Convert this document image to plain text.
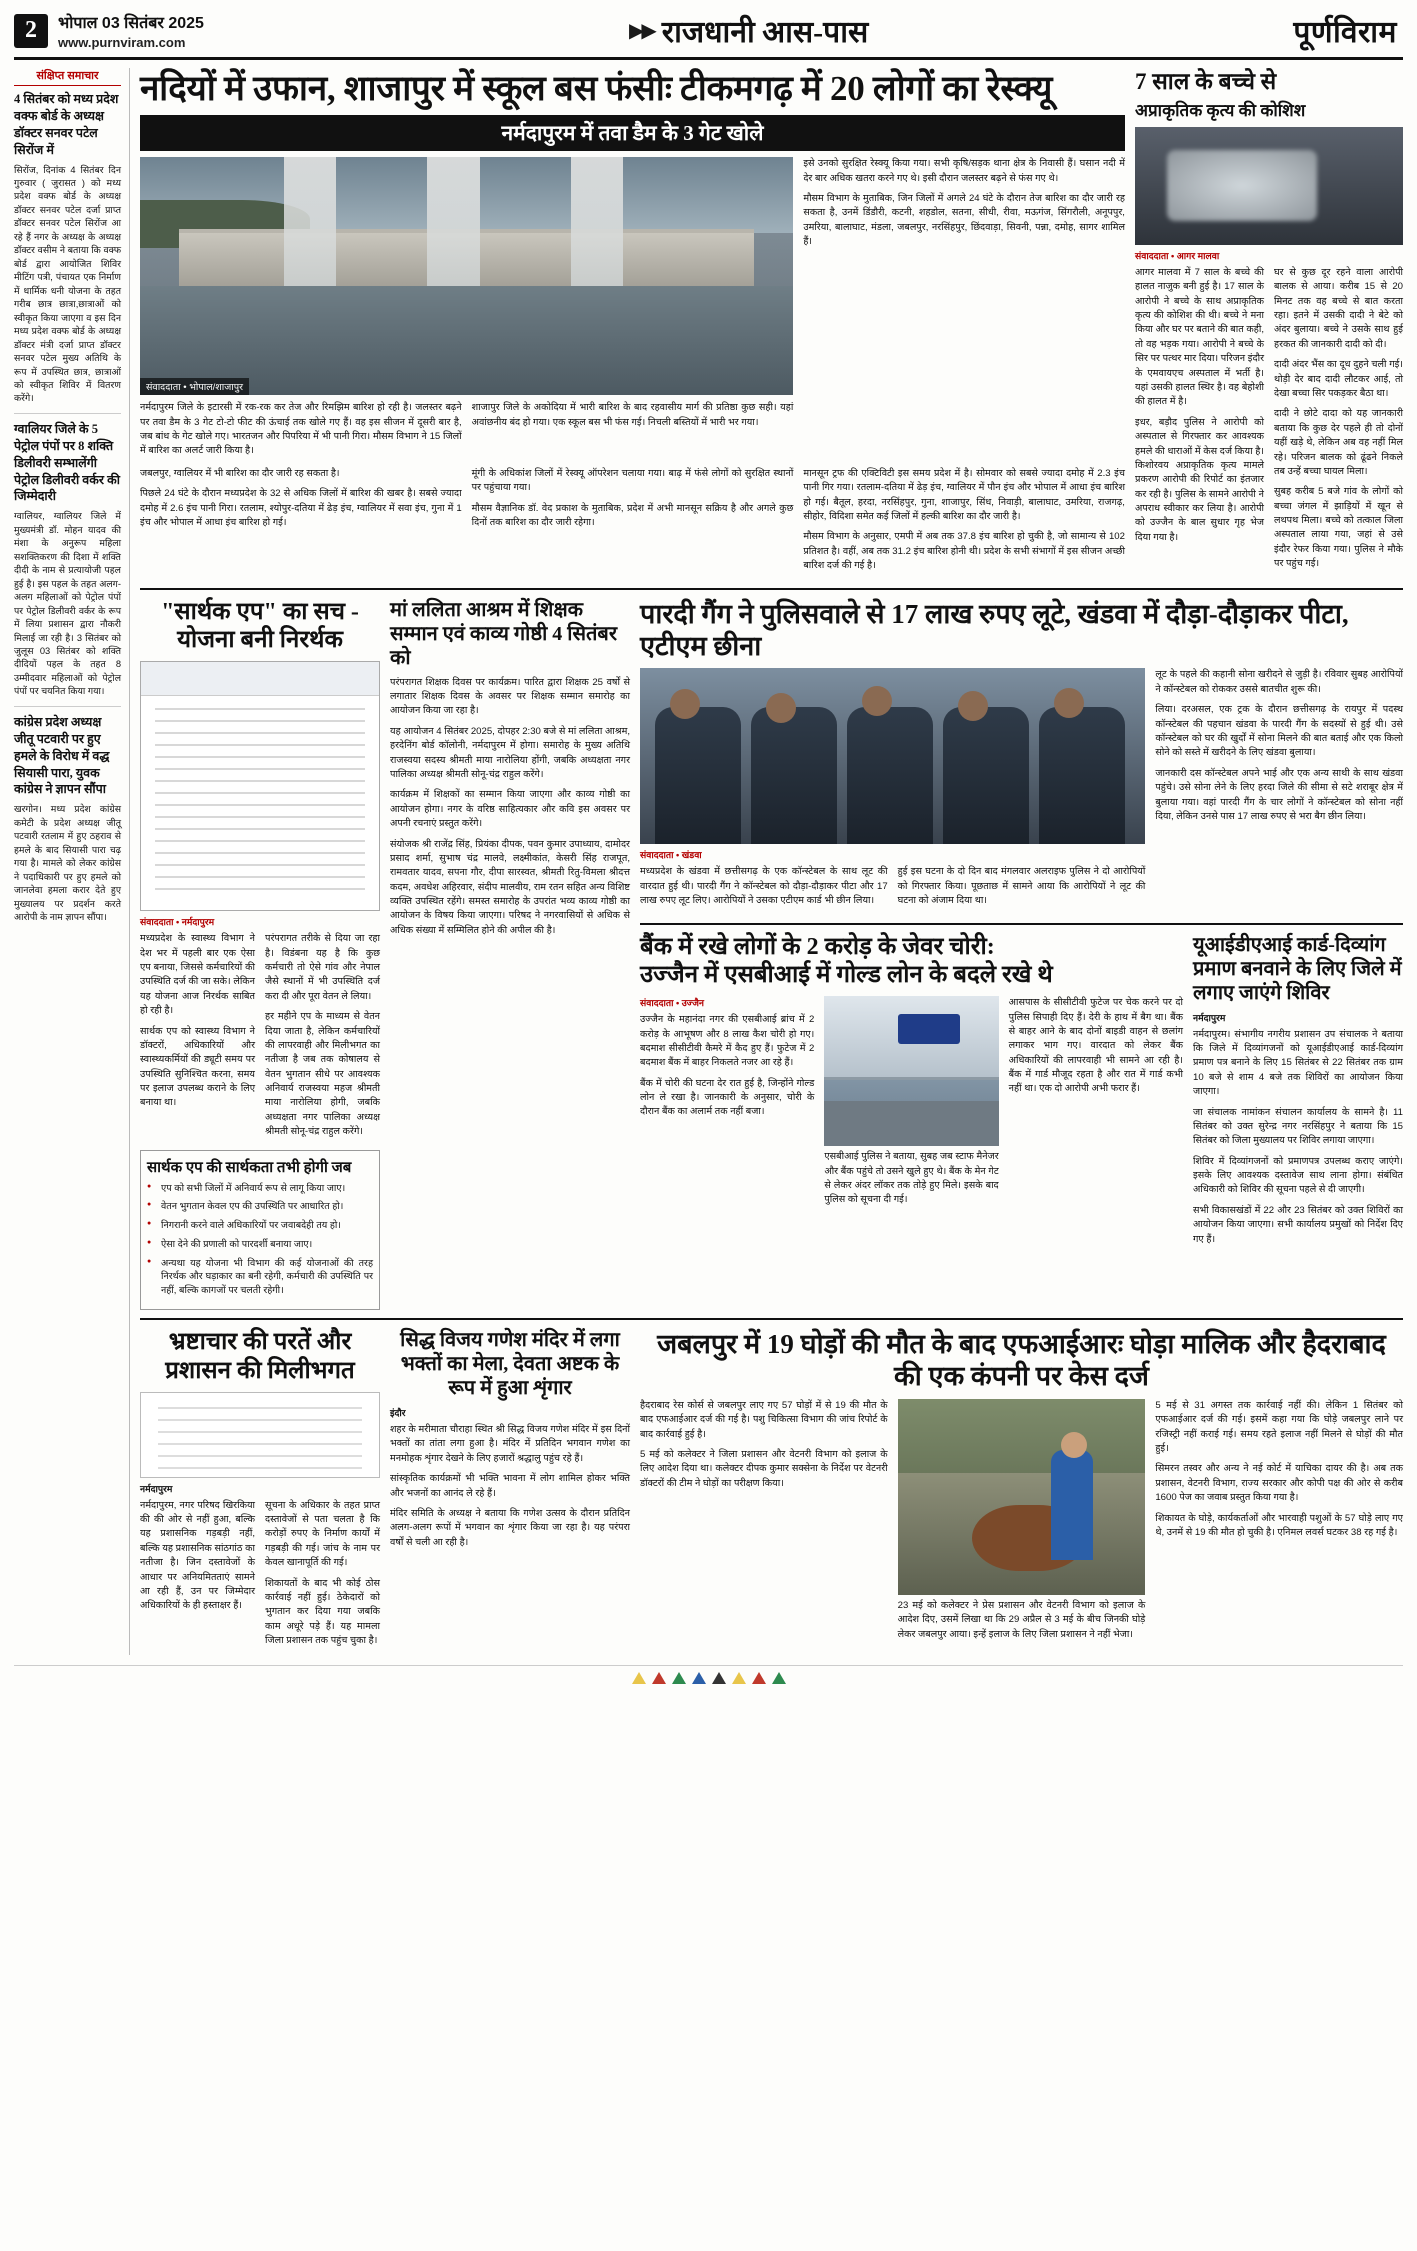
2	भोपाल 03 सितंबर 2025
www.purnviram.com
▶▶ राजधानी आस-पास	पूर्णविराम
संक्षिप्त समाचार
4 सितंबर को मध्य प्रदेश वक्फ बोर्ड के अध्यक्ष डॉक्टर सनवर पटेल सिरोंज में

सिरोंज, दिनांक 4 सितंबर दिन गुरुवार ( जुरासत ) को मध्य प्रदेश वक्फ बोर्ड के अध्यक्ष डॉक्टर सनवर पटेल दर्जा प्राप्त डॉक्टर सनवर पटेल सिरोंज आ रहे हैं नगर के अध्यक्ष के अध्यक्ष डॉक्टर वसीम ने बताया कि वक्फ बोर्ड द्वारा आयोजित शिविर मीटिंग पत्री, पंचायत एक निर्माण में धार्मिक धनी योजना के तहत गरीब छात्र छात्रा,छात्राओं को स्वीकृत किया जाएगा व इस दिन मध्य प्रदेश वक्फ बोर्ड के अध्यक्ष डॉक्टर मंत्री दर्जा प्राप्त डॉक्टर सनवर पटेल मुख्य अतिथि के रूप में उपस्थित छात्र, छात्राओं को स्वीकृत शिविर में वितरण करेंगे।

ग्वालियर जिले के 5 पेट्रोल पंपों पर 8 शक्ति डिलीवरी सम्भालेंगी पेट्रोल डिलीवरी वर्कर की जिम्मेदारी

ग्वालियर, ग्वालियर जिले में मुख्यमंत्री डॉ. मोहन यादव की मंशा के अनुरूप महिला सशक्तिकरण की दिशा में शक्ति दीदी के नाम से प्रत्यायोजी पहल हुई है। इस पहल के तहत अलग-अलग महिलाओं को पेट्रोल पंपों पर पेट्रोल डिलीवरी वर्कर के रूप में लिया प्रशासन द्वारा नौकरी मिलाई जा रही है। 3 सितंबर को जुलूस 03 सितंबर को शक्ति दीदियों पहल के तहत 8 उम्मीदवार महिलाओं को पेट्रोल पंपों पर चयनित किया गया।

कांग्रेस प्रदेश अध्यक्ष जीतू पटवारी पर हुए हमले के विरोध में वद्ध सियासी पारा, युवक कांग्रेस ने ज्ञापन सौंपा

खरगोन। मध्य प्रदेश कांग्रेस कमेटी के प्रदेश अध्यक्ष जीतू पटवारी रतलाम में हुए ठहराव से हमले के बाद सियासी पारा चढ़ गया है। मामले को लेकर कांग्रेस ने पदाधिकारी पर हुए हमले को जानलेवा हमला करार देते हुए मुख्यालय पर प्रदर्शन करते आरोपी के नाम ज्ञापन सौंपा।

नदियों में उफान, शाजापुर में स्कूल बस फंसीः टीकमगढ़ में 20 लोगों का रेस्क्यू
नर्मदापुरम में तवा डैम के 3 गेट खोले
संवाददाता • भोपाल/शाजापुर

नर्मदापुरम जिले के इटारसी में रक-रक कर तेज और रिमझिम बारिश हो रही है। जलस्तर बढ़ने पर तवा डैम के 3 गेट टो-टो फीट की ऊंचाई तक खोले गए हैं। वह इस सीजन में दूसरी बार है, जब बांध के गेट खोले गए। भारतजन और पिपरिया में भी पानी गिरा। मौसम विभाग ने 15 जिलों में बारिश का अलर्ट जारी किया है।

शाजापुर जिले के अकोदिया में भारी बारिश के बाद रहवासीय मार्ग की प्रतिष्ठा कुछ सही। यहां अवांछनीय बंद हो गया। एक स्कूल बस भी फंस गई। निचली बस्तियों में भारी भर गया।

इसे उनको सुरक्षित रेस्क्यू किया गया। सभी कृषि/सड़क थाना क्षेत्र के निवासी हैं। घसान नदी में देर बार अधिक खतरा करने गए थे। इसी दौरान जलस्तर बढ़ने से फंस गए थे।

मौसम विभाग के मुताबिक, जिन जिलों में अगले 24 घंटे के दौरान तेज बारिश का दौर जारी रह सकता है, उनमें डिंडौरी, कटनी, शहडोल, सतना, सीधी, रीवा, मऊगंज, सिंगरौली, अनूपपुर, उमरिया, बालाघाट, मंडला, जबलपुर, नरसिंहपुर, छिंदवाड़ा, सिवनी, पन्ना, दमोह, सागर शामिल हैं।

जबलपुर, ग्वालियर में भी बारिश का दौर जारी रह सकता है।

पिछले 24 घंटे के दौरान मध्यप्रदेश के 32 से अधिक जिलों में बारिश की खबर है। सबसे ज्यादा दमोह में 2.6 इंच पानी गिरा। रतलाम, श्योपुर-दतिया में ढेड़ इंच, ग्वालियर में सवा इंच, गुना में 1 इंच और भोपाल में आधा इंच बारिश हो गई।

मूंगी के अधिकांश जिलों में रेस्क्यू ऑपरेशन चलाया गया। बाढ़ में फंसे लोगों को सुरक्षित स्थानों पर पहुंचाया गया।

मौसम वैज्ञानिक डॉ. वेद प्रकाश के मुताबिक, प्रदेश में अभी मानसून सक्रिय है और अगले कुछ दिनों तक बारिश का दौर जारी रहेगा।

मानसून ट्रफ की एक्टिविटी इस समय प्रदेश में है। सोमवार को सबसे ज्यादा दमोह में 2.3 इंच पानी गिर गया। रतलाम-दतिया में ढेड़ इंच, ग्वालियर में पौन इंच और भोपाल में आधा इंच बारिश हो गई। बैतूल, हरदा, नरसिंहपुर, गुना, शाजापुर, सिंध, निवाड़ी, बालाघाट, उमरिया, राजगढ़, सीहोर, विदिशा समेत कई जिलों में हल्की बारिश का दौर जारी है।

मौसम विभाग के अनुसार, एमपी में अब तक 37.8 इंच बारिश हो चुकी है, जो सामान्य से 102 प्रतिशत है। वहीं, अब तक 31.2 इंच बारिश होनी थी। प्रदेश के सभी संभागों में इस सीजन अच्छी बारिश दर्ज की गई है।

7 साल के बच्चे से
अप्राकृतिक कृत्य की कोशिश
संवाददाता • आगर मालवा

आगर मालवा में 7 साल के बच्चे की हालत नाजुक बनी हुई है। 17 साल के आरोपी ने बच्चे के साथ अप्राकृतिक कृत्य की कोशिश की थी। बच्चे ने मना किया और घर पर बताने की बात कही, तो वह भड़क गया। आरोपी ने बच्चे के सिर पर पत्थर मार दिया। परिजन इंदौर के एमवायएच अस्पताल में भर्ती है। यहां उसकी हालत स्थिर है। वह बेहोशी की हालत में है।

इधर, बड़ौद पुलिस ने आरोपी को अस्पताल से गिरफ्तार कर आवश्यक हमले की धाराओं में केस दर्ज किया है। किशोरवय अप्राकृतिक कृत्य मामले प्रकरण आरोपी की रिपोर्ट का इंतजार कर रही है। पुलिस के सामने आरोपी ने अपराध स्वीकार कर लिया है। आरोपी को उज्जैन के बाल सुधार गृह भेज दिया गया है।

घर से कुछ दूर रहने वाला आरोपी बालक से आया। करीब 15 से 20 मिनट तक वह बच्चे से बात करता रहा। इतने में उसकी दादी ने बेटे को अंदर बुलाया। बच्चे ने उसके साथ हुई हरकत की जानकारी दादी को दी।

दादी अंदर भैंस का दूध दुहने चली गई। थोड़ी देर बाद दादी लौटकर आई, तो देखा बच्चा सिर पकड़कर बैठा था।

दादी ने छोटे दादा को यह जानकारी बताया कि कुछ देर पहले ही तो दोनों यहीं खड़े थे, लेकिन अब वह नहीं मिल रहे। परिजन बालक को ढूंढने निकले तब उन्हें बच्चा घायल मिला।

सुबह करीब 5 बजे गांव के लोगों को बच्चा जंगल में झाड़ियों में खून से लथपथ मिला। बच्चे को तत्काल जिला अस्पताल लाया गया, जहां से उसे इंदौर रेफर किया गया। पुलिस ने मौके पर पहुंच गई।

"सार्थक एप" का सच -
योजना बनी निरर्थक
संवाददाता • नर्मदापुरम

मध्यप्रदेश के स्वास्थ्य विभाग ने देश भर में पहली बार एक ऐसा एप बनाया, जिससे कर्मचारियों की उपस्थिति दर्ज की जा सके। लेकिन यह योजना आज निरर्थक साबित हो रही है।

सार्थक एप को स्वास्थ्य विभाग ने डॉक्टरों, अधिकारियों और स्वास्थ्यकर्मियों की ड्यूटी समय पर उपस्थिति सुनिश्चित करना, समय पर इलाज उपलब्ध कराने के लिए बनाया था।

परंपरागत तरीके से दिया जा रहा है। विडंबना यह है कि कुछ कर्मचारी तो ऐसे गांव और नेपाल जैसे स्थानों में भी उपस्थिति दर्ज करा दी और पूरा वेतन ले लिया।

हर महीने एप के माध्यम से वेतन दिया जाता है, लेकिन कर्मचारियों की लापरवाही और मिलीभगत का नतीजा है जब तक कोषालय से वेतन भुगतान सीधे पर आवश्यक अनिवार्य राजस्वया महज श्रीमती माया नारोलिया होगी, जबकि अध्यक्षता नगर पालिका अध्यक्ष श्रीमती सोनू-चंद्र राहुल करेंगे।

सार्थक एप की सार्थकता तभी होगी जब
● एप को सभी जिलों में अनिवार्य रूप से लागू किया जाए।
● वेतन भुगतान केवल एप की उपस्थिति पर आधारित हो।
● निगरानी करने वाले अधिकारियों पर जवाबदेही तय हो।
● ऐसा देने की प्रणाली को पारदर्शी बनाया जाए।
● अन्यथा यह योजना भी विभाग की कई योजनाओं की तरह निरर्थक और घड़ाकार का बनी रहेगी, कर्मचारी की उपस्थिति पर नहीं, बल्कि कागजों पर चलती रहेगी।
मां ललिता आश्रम में शिक्षक सम्मान एवं काव्य गोष्ठी 4 सितंबर को

परंपरागत शिक्षक दिवस पर कार्यक्रम। पारित द्वारा शिक्षक 25 वर्षों से लगातार शिक्षक दिवस के अवसर पर शिक्षक सम्मान समारोह का आयोजन किया जा रहा है।

यह आयोजन 4 सितंबर 2025, दोपहर 2:30 बजे से मां ललिता आश्रम, हरदेनिंग बोर्ड कॉलोनी, नर्मदापुरम में होगा। समारोह के मुख्य अतिथि राजस्वया सदस्य श्रीमती माया नारोलिया होंगी, जबकि अध्यक्षता नगर पालिका अध्यक्ष श्रीमती सोनू-चंद्र राहुल करेंगे।

कार्यक्रम में शिक्षकों का सम्मान किया जाएगा और काव्य गोष्ठी का आयोजन होगा। नगर के वरिष्ठ साहित्यकार और कवि इस अवसर पर अपनी रचनाएं प्रस्तुत करेंगे।

संयोजक श्री राजेंद्र सिंह, प्रियंका दीपक, पवन कुमार उपाध्याय, दामोदर प्रसाद शर्मा, सुभाष चंद्र मालवे, लक्ष्मीकांत, केसरी सिंह राजपूत, रामवतार यादव, सपना गौर, दीपा सारस्वत, श्रीमती रितु-विमला श्रीदत्त कदम, अवधेश अहिरवार, संदीप मालवीय, राम रतन सहित अन्य विशिष्ट व्यक्ति उपस्थित रहेंगे। समस्त समारोह के उपरांत भव्य काव्य गोष्ठी का आयोजन के विषय किया जाएगा। परिषद ने नगरवासियों से अधिक से अधिक संख्या में सम्मिलित होने की अपील की है।

पारदी गैंग ने पुलिसवाले से 17 लाख रुपए लूटे, खंडवा में दौड़ा-दौड़ाकर पीटा, एटीएम छीना
संवाददाता • खंडवा

मध्यप्रदेश के खंडवा में छत्तीसगढ़ के एक कॉन्स्टेबल के साथ लूट की वारदात हुई थी। पारदी गैंग ने कॉन्स्टेबल को दौड़ा-दौड़ाकर पीटा और 17 लाख रुपए लूट लिए। आरोपियों ने उसका एटीएम कार्ड भी छीन लिया।

हुई इस घटना के दो दिन बाद मंगलवार अलराइफ पुलिस ने दो आरोपियों को गिरफ्तार किया। पूछताछ में सामने आया कि आरोपियों ने लूट की घटना को अंजाम दिया था।

लूट के पहले की कहानी सोना खरीदने से जुड़ी है। रविवार सुबह आरोपियों ने कॉन्स्टेबल को रोककर उससे बातचीत शुरू की।

लिया। दरअसल, एक ट्रक के दौरान छत्तीसगढ़ के रायपुर में पदस्थ कॉन्स्टेबल की पहचान खंडवा के पारदी गैंग के सदस्यों से हुई थी। उसे कॉन्स्टेबल को घर की खुर्दों में सोना मिलने की बात बताई और एक किलो सोने को सस्ते में खरीदने के लिए खंडवा बुलाया।

जानकारी दस कॉन्स्टेबल अपने भाई और एक अन्य साथी के साथ खंडवा पहुंचे। उसे सोना लेने के लिए हरदा जिले की सीमा से सटे शराबूर क्षेत्र में बुलाया गया। वहां पारदी गैंग के चार लोगों ने कॉन्स्टेबल को सोना नहीं दिया, लेकिन उनसे पास 17 लाख रुपए से भरा बैग छीन लिया।

बैंक में रखे लोगों के 2 करोड़ के जेवर चोरी:
उज्जैन में एसबीआई में गोल्ड लोन के बदले रखे थे
संवाददाता • उज्जैन

उज्जैन के महानंदा नगर की एसबीआई ब्रांच में 2 करोड़ के आभूषण और 8 लाख कैश चोरी हो गए। बदमाश सीसीटीवी कैमरे में कैद हुए हैं। फुटेज में 2 बदमाश बैंक में बाहर निकलते नजर आ रहे हैं।

बैंक में चोरी की घटना देर रात हुई है, जिन्होंने गोल्ड लोन ले रखा है। जानकारी के अनुसार, चोरी के दौरान बैंक का अलार्म तक नहीं बजा।

एसबीआई पुलिस ने बताया, सुबह जब स्टाफ मैनेजर और बैंक पहुंचे तो उसने खुले हुए थे। बैंक के मेन गेट से लेकर अंदर लॉकर तक तोड़े हुए मिले। इसके बाद पुलिस को सूचना दी गई।

आसपास के सीसीटीवी फुटेज पर चेक करने पर दो पुलिस सिपाही दिए हैं। देरी के हाथ में बैग था। बैंक से बाहर आने के बाद दोनों बाइडी वाहन से छलांग लगाकर भाग गए। वारदात को लेकर बैंक अधिकारियों की लापरवाही भी सामने आ रही है। बैंक में गार्ड मौजूद रहता है और रात में गार्ड कभी नहीं था। एक दो आरोपी अभी फरार हैं।

यूआईडीएआई कार्ड-दिव्यांग प्रमाण बनवाने के लिए जिले में लगाए जाएंगे शिविर
नर्मदापुरम

नर्मदापुरम। संभागीय नगरीय प्रशासन उप संचालक ने बताया कि जिले में दिव्यांगजनों को यूआईडीएआई कार्ड-दिव्यांग प्रमाण पत्र बनाने के लिए 15 सितंबर से 22 सितंबर तक ग्राम 10 बजे से शाम 4 बजे तक शिविरों का आयोजन किया जाएगा।

जा संचालक नामांकन संचालन कार्यालय के सामने है। 11 सितंबर को उक्त सुरेन्द्र नगर नरसिंहपुर ने बताया कि 15 सितंबर को जिला मुख्यालय पर शिविर लगाया जाएगा।

शिविर में दिव्यांगजनों को प्रमाणपत्र उपलब्ध कराए जाएंगे। इसके लिए आवश्यक दस्तावेज साथ लाना होगा। संबंधित अधिकारी को शिविर की सूचना पहले से दी जाएगी।

सभी विकासखंडों में 22 और 23 सितंबर को उक्त शिविरों का आयोजन किया जाएगा। सभी कार्यालय प्रमुखों को निर्देश दिए गए हैं।

भ्रष्टाचार की परतें और
प्रशासन की मिलीभगत
नर्मदापुरम

नर्मदापुरम, नगर परिषद खिरकिया की की ओर से नहीं हुआ, बल्कि यह प्रशासनिक गड़बड़ी नहीं, बल्कि यह प्रशासनिक सांठगांठ का नतीजा है। जिन दस्तावेजों के आधार पर अनियमितताएं सामने आ रही हैं, उन पर जिम्मेदार अधिकारियों के ही हस्ताक्षर हैं।

सूचना के अधिकार के तहत प्राप्त दस्तावेजों से पता चलता है कि करोड़ों रुपए के निर्माण कार्यों में गड़बड़ी की गई। जांच के नाम पर केवल खानापूर्ति की गई।

शिकायतों के बाद भी कोई ठोस कार्रवाई नहीं हुई। ठेकेदारों को भुगतान कर दिया गया जबकि काम अधूरे पड़े हैं। यह मामला जिला प्रशासन तक पहुंच चुका है।

सिद्ध विजय गणेश मंदिर में लगा भक्तों का मेला, देवता अष्टक के रूप में हुआ शृंगार
इंदौर

शहर के मरीमाता चौराहा स्थित श्री सिद्ध विजय गणेश मंदिर में इस दिनों भक्तों का तांता लगा हुआ है। मंदिर में प्रतिदिन भगवान गणेश का मनमोहक शृंगार देखने के लिए हजारों श्रद्धालु पहुंच रहे हैं।

सांस्कृतिक कार्यक्रमों भी भक्ति भावना में लोग शामिल होकर भक्ति और भजनों का आनंद ले रहे हैं।

मंदिर समिति के अध्यक्ष ने बताया कि गणेश उत्सव के दौरान प्रतिदिन अलग-अलग रूपों में भगवान का शृंगार किया जा रहा है। यह परंपरा वर्षों से चली आ रही है।

जबलपुर में 19 घोड़ों की मौत के बाद एफआईआरः घोड़ा मालिक और हैदराबाद की एक कंपनी पर केस दर्ज

हैदराबाद रेस कोर्स से जबलपुर लाए गए 57 घोड़ों में से 19 की मौत के बाद एफआईआर दर्ज की गई है। पशु चिकित्सा विभाग की जांच रिपोर्ट के बाद कार्रवाई हुई है।

5 मई को कलेक्टर ने जिला प्रशासन और वेटनरी विभाग को इलाज के लिए आदेश दिया था। कलेक्टर दीपक कुमार सक्सेना के निर्देश पर वेटनरी डॉक्टरों की टीम ने घोड़ों का परीक्षण किया।

23 मई को कलेक्टर ने प्रेस प्रशासन और वेटनरी विभाग को इलाज के आदेश दिए, उसमें लिखा था कि 29 अप्रैल से 3 मई के बीच जिनकी घोड़े लेकर जबलपुर आया। इन्हें इलाज के लिए जिला प्रशासन ने नहीं भेजा।

5 मई से 31 अगस्त तक कार्रवाई नहीं की। लेकिन 1 सितंबर को एफआईआर दर्ज की गई। इसमें कहा गया कि घोड़े जबलपुर लाने पर रजिस्ट्री नहीं कराई गई। समय रहते इलाज नहीं मिलने से घोड़ों की मौत हुई।

सिमरन तस्वर और अन्य ने नई कोर्ट में याचिका दायर की है। अब तक प्रशासन, वेटनरी विभाग, राज्य सरकार और कोपी पक्ष की ओर से करीब 1600 पेज का जवाब प्रस्तुत किया गया है।

शिकायत के घोड़े, कार्यकर्ताओं और भारवाही पशुओं के 57 घोड़े लाए गए थे, उनमें से 19 की मौत हो चुकी है। एनिमल लवर्स घटकर 38 रह गई है।
